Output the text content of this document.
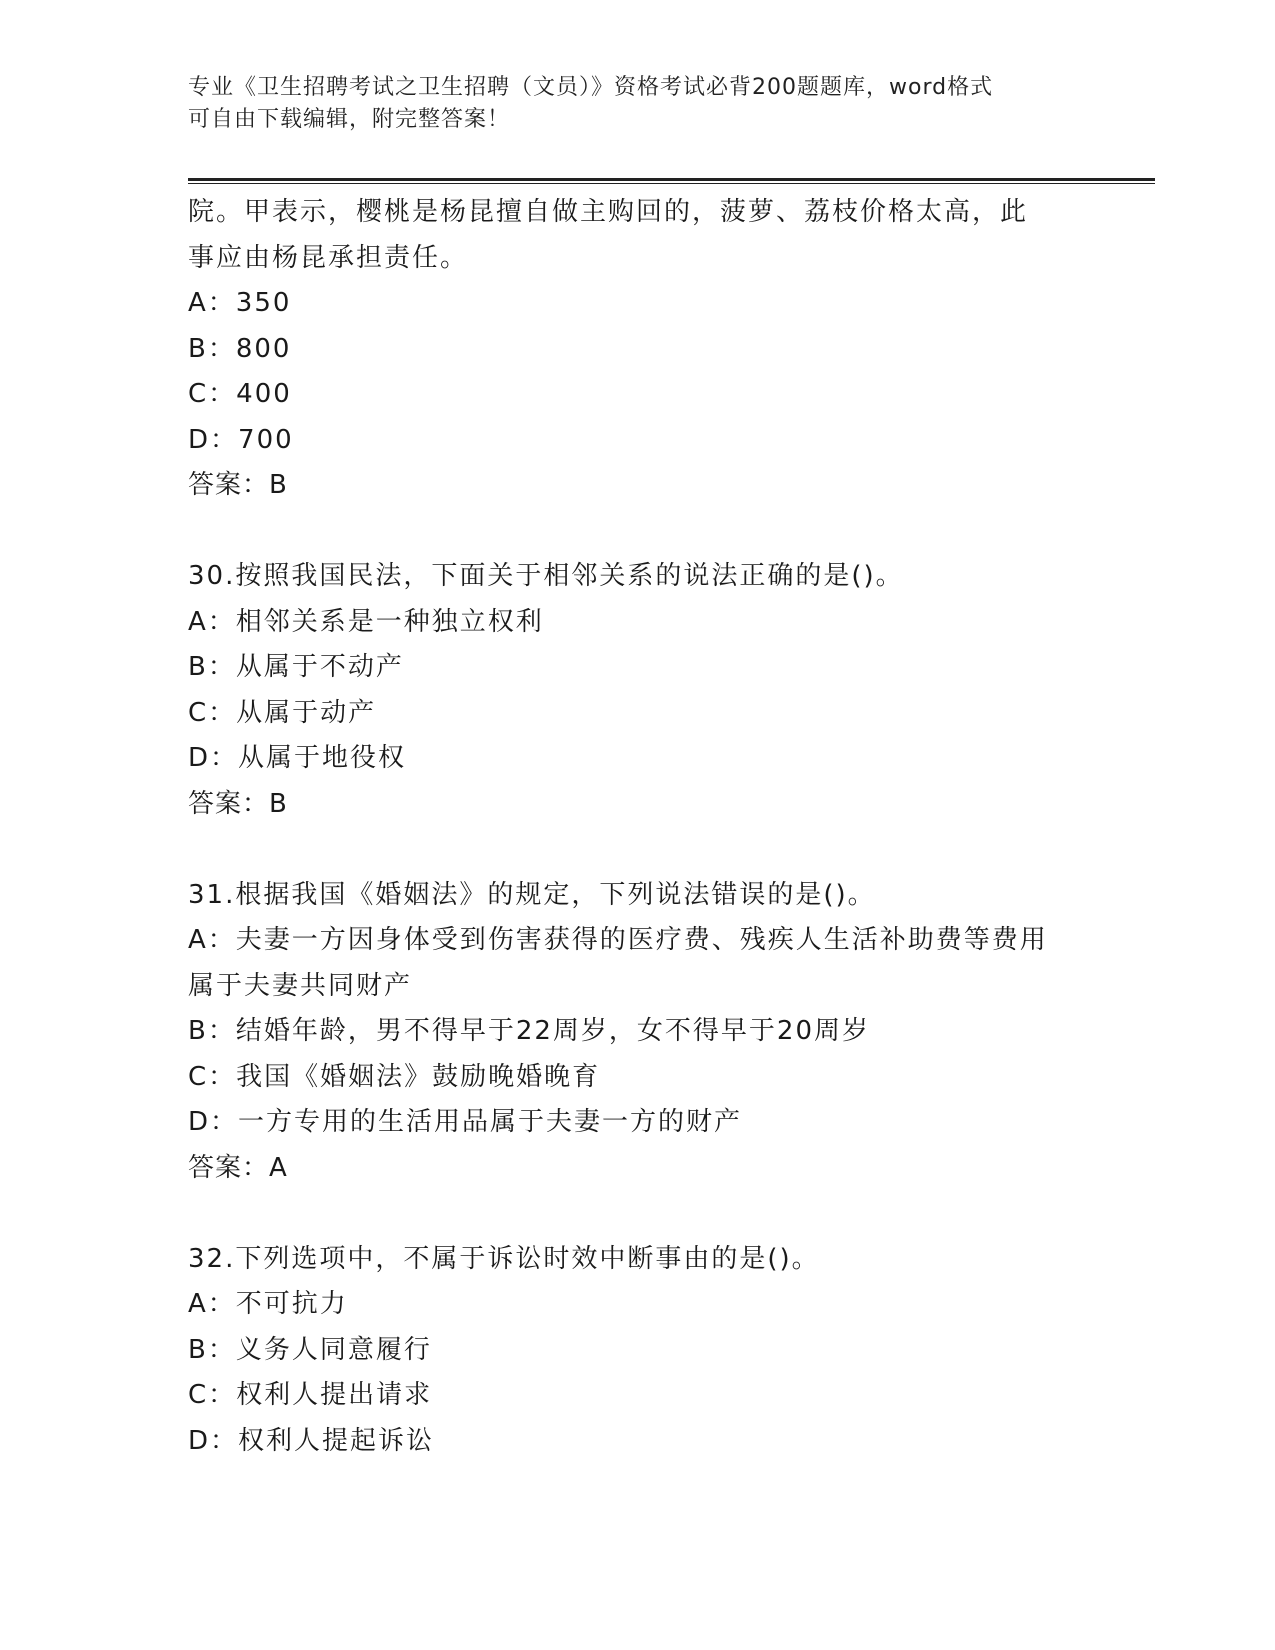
专业《卫生招聘考试之卫生招聘（文员）》资格考试必背200题题库，word格式
可自由下载编辑，附完整答案！
院。甲表示，樱桃是杨昆擅自做主购回的，菠萝、荔枝价格太高，此
事应由杨昆承担责任。
A：350
B：800
C：400
D：700
答案：B
30.按照我国民法，下面关于相邻关系的说法正确的是()。
A：相邻关系是一种独立权利
B：从属于不动产
C：从属于动产
D：从属于地役权
答案：B
31.根据我国《婚姻法》的规定，下列说法错误的是()。
A：夫妻一方因身体受到伤害获得的医疗费、残疾人生活补助费等费用
属于夫妻共同财产
B：结婚年龄，男不得早于22周岁，女不得早于20周岁
C：我国《婚姻法》鼓励晚婚晚育
D：一方专用的生活用品属于夫妻一方的财产
答案：A
32.下列选项中，不属于诉讼时效中断事由的是()。
A：不可抗力
B：义务人同意履行
C：权利人提出请求
D：权利人提起诉讼
